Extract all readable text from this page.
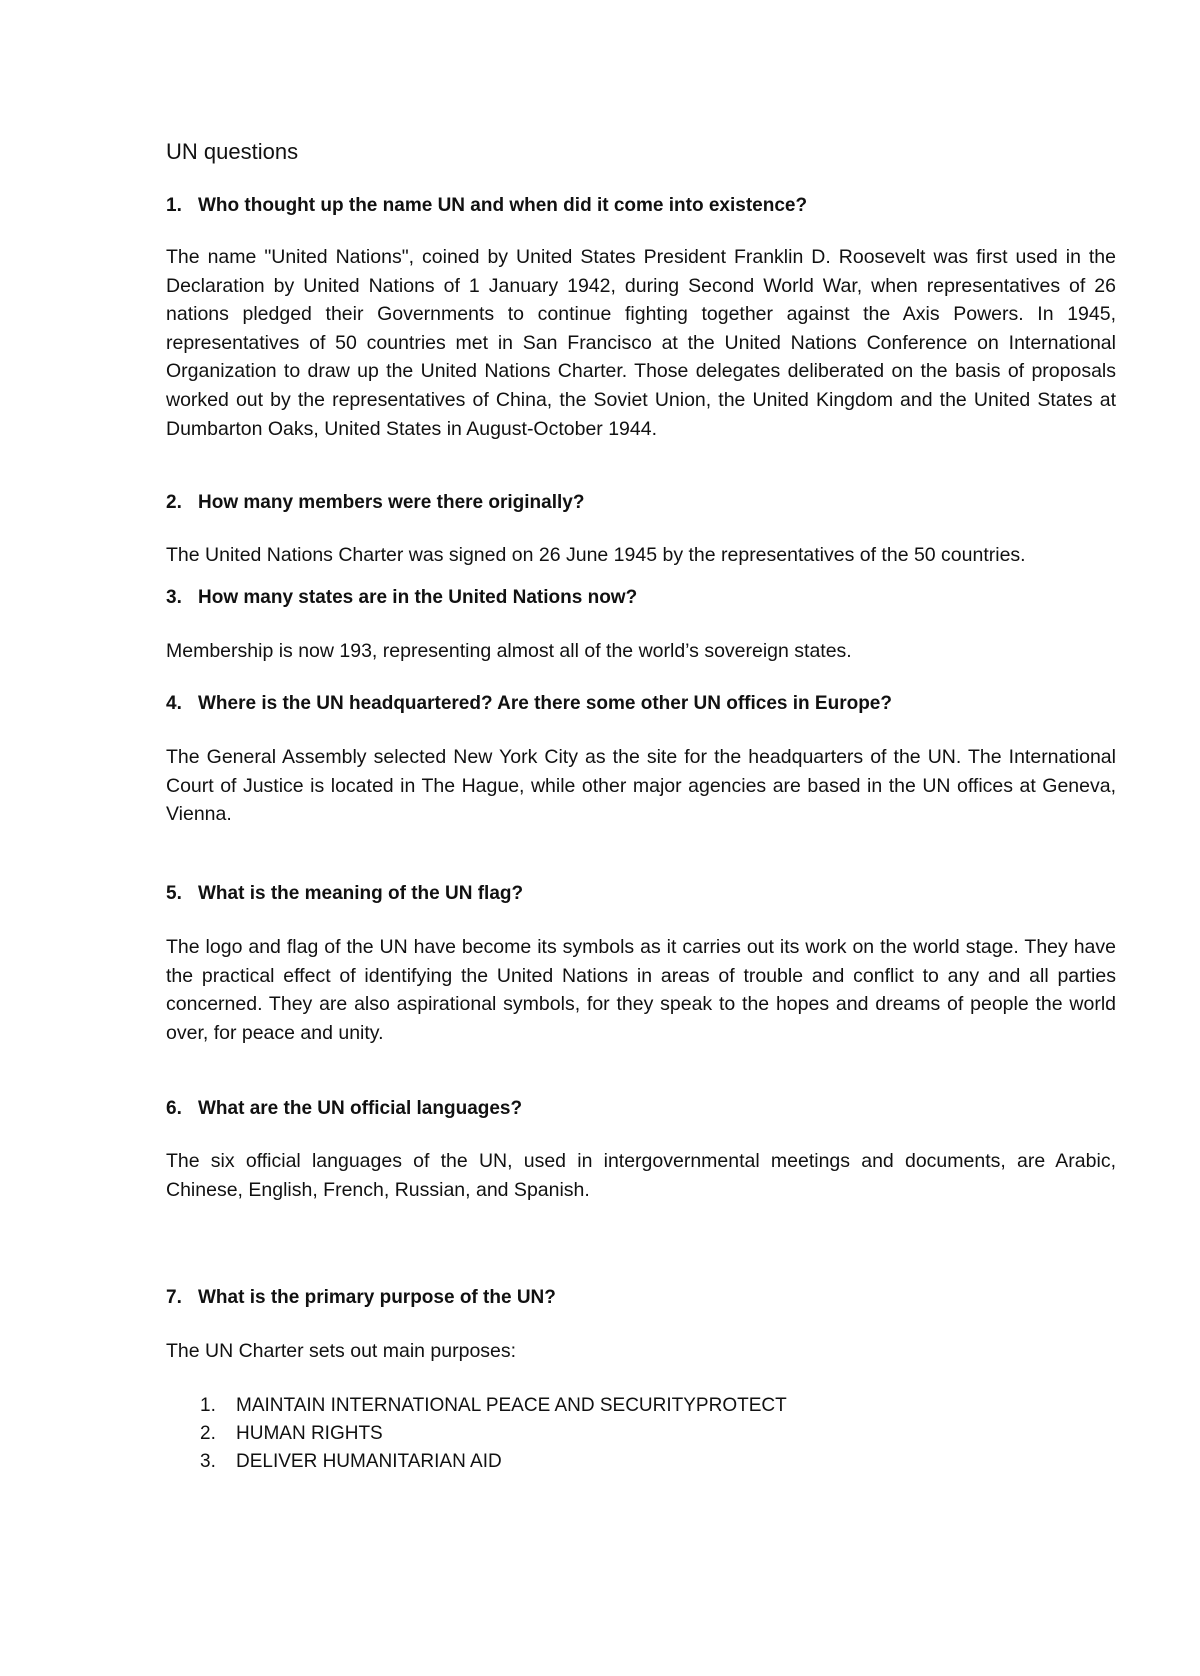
UN questions

1. Who thought up the name UN and when did it come into existence?

The name "United Nations", coined by United States President Franklin D. Roosevelt was first used in the Declaration by United Nations of 1 January 1942, during Second World War, when representatives of 26 nations pledged their Governments to continue fighting together against the Axis Powers. In 1945, representatives of 50 countries met in San Francisco at the United Nations Conference on International Organization to draw up the United Nations Charter. Those delegates deliberated on the basis of proposals worked out by the representatives of China, the Soviet Union, the United Kingdom and the United States at Dumbarton Oaks, United States in August-October 1944.

2. How many members were there originally?

The United Nations Charter was signed on 26 June 1945 by the representatives of the 50 countries.

3. How many states are in the United Nations now?

Membership is now 193, representing almost all of the world’s sovereign states.

4. Where is the UN headquartered? Are there some other UN offices in Europe?

The General Assembly selected New York City as the site for the headquarters of the UN. The International Court of Justice is located in The Hague, while other major agencies are based in the UN offices at Geneva, Vienna.

5. What is the meaning of the UN flag?

The logo and flag of the UN have become its symbols as it carries out its work on the world stage. They have the practical effect of identifying the United Nations in areas of trouble and conflict to any and all parties concerned. They are also aspirational symbols, for they speak to the hopes and dreams of people the world over, for peace and unity.

6. What are the UN official languages?

The six official languages of the UN, used in intergovernmental meetings and documents, are Arabic, Chinese, English, French, Russian, and Spanish.

7. What is the primary purpose of the UN?

The UN Charter sets out main purposes:

1. MAINTAIN INTERNATIONAL PEACE AND SECURITYPROTECT
2. HUMAN RIGHTS
3. DELIVER HUMANITARIAN AID
